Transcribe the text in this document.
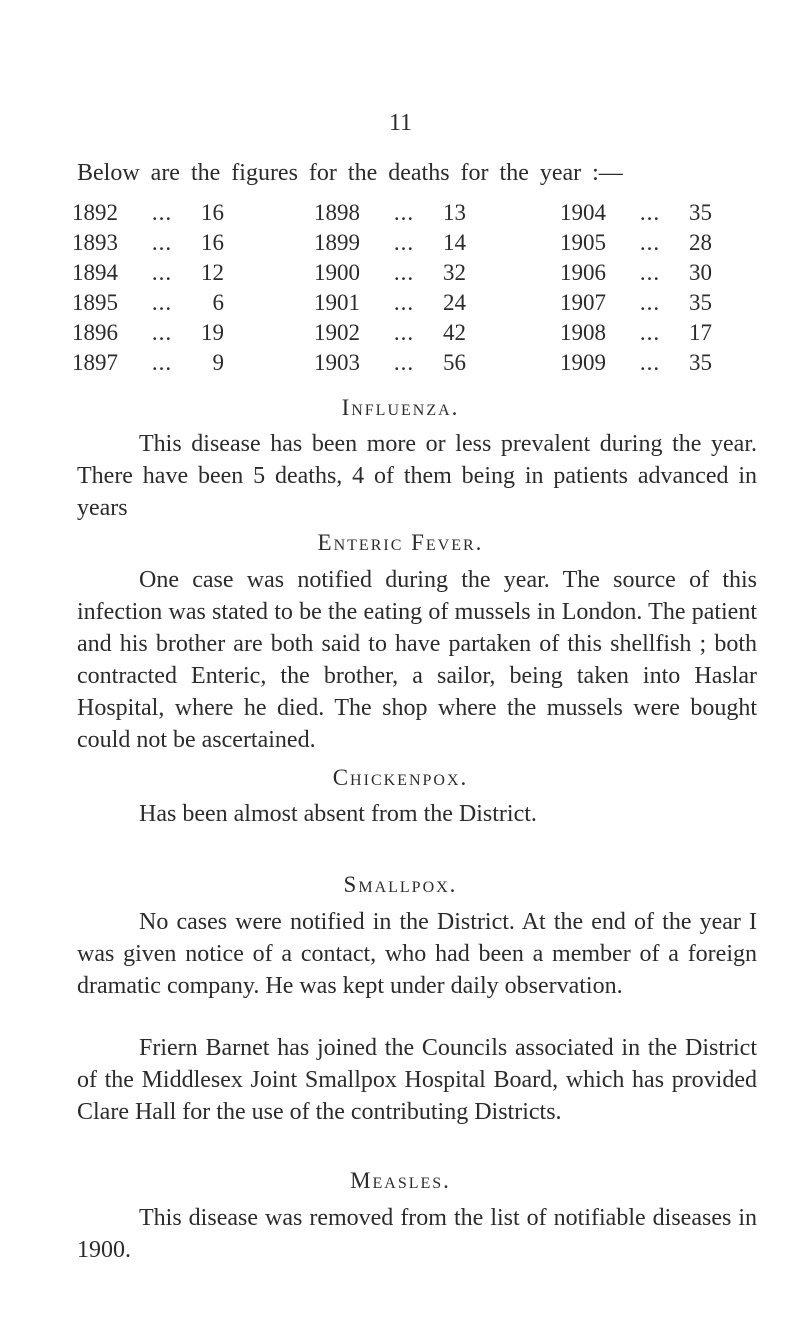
11
Below are the figures for the deaths for the year :—
1892	...	16	1898	...	13	1904	...	35
1893	...	16	1899	...	14	1905	...	28
1894	...	12	1900	...	32	1906	...	30
1895	...	6	1901	...	24	1907	...	35
1896	...	19	1902	...	42	1908	...	17
1897	...	9	1903	...	56	1909	...	35
Influenza.

This disease has been more or less prevalent during the year. There have been 5 deaths, 4 of them being in patients advanced in years

Enteric Fever.

One case was notified during the year. The source of this infection was stated to be the eating of mussels in London. The patient and his brother are both said to have partaken of this shellfish ; both contracted Enteric, the brother, a sailor, being taken into Haslar Hospital, where he died. The shop where the mussels were bought could not be ascertained.

Chickenpox.

Has been almost absent from the District.

Smallpox.

No cases were notified in the District. At the end of the year I was given notice of a contact, who had been a member of a foreign dramatic company. He was kept under daily observation.

Friern Barnet has joined the Councils associated in the District of the Middlesex Joint Smallpox Hospital Board, which has provided Clare Hall for the use of the contributing Districts.

Measles.

This disease was removed from the list of notifiable diseases in 1900.
